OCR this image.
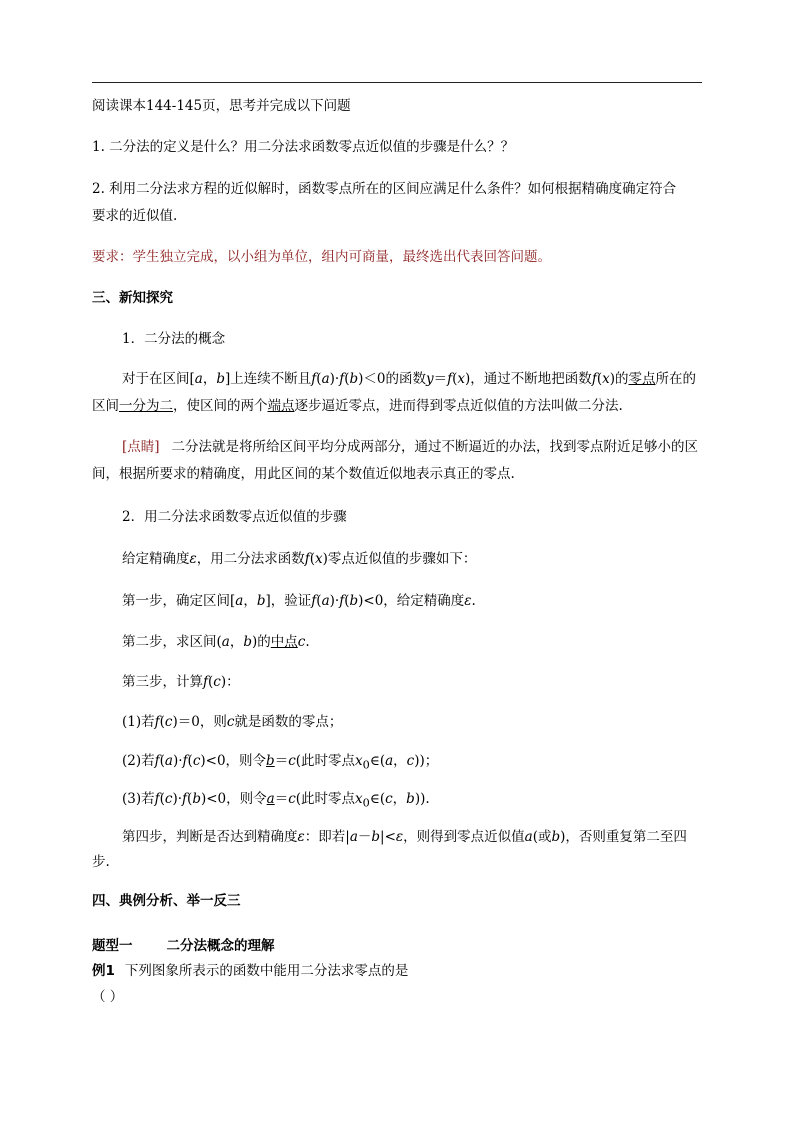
阅读课本144-145页，思考并完成以下问题
1. 二分法的定义是什么？用二分法求函数零点近似值的步骤是什么？？
2. 利用二分法求方程的近似解时，函数零点所在的区间应满足什么条件？如何根据精确度确定符合
要求的近似值.
要求：学生独立完成，以小组为单位，组内可商量，最终选出代表回答问题。
三、新知探究
1．二分法的概念
对于在区间[a，b]上连续不断且f(a)·f(b)＜0的函数y＝f(x)，通过不断地把函数f(x)的零点所在的
区间一分为二，使区间的两个端点逐步逼近零点，进而得到零点近似值的方法叫做二分法.
[点睛] 二分法就是将所给区间平均分成两部分，通过不断逼近的办法，找到零点附近足够小的区
间，根据所要求的精确度，用此区间的某个数值近似地表示真正的零点.
2．用二分法求函数零点近似值的步骤
给定精确度ε，用二分法求函数f(x)零点近似值的步骤如下：
第一步，确定区间[a，b]，验证f(a)·f(b)<0，给定精确度ε.
第二步，求区间(a，b)的中点c.
第三步，计算f(c)：
(1)若f(c)＝0，则c就是函数的零点；
(2)若f(a)·f(c)<0，则令b＝c(此时零点$x_0\in(a$，c))；
(3)若f(c)·f(b)<0，则令a＝c(此时零点$x_0\in(c$，b)).
第四步，判断是否达到精确度ε：即若|a－b|<ε，则得到零点近似值a(或b)，否则重复第二至四
步.
四、典例分析、举一反三
题型一	二分法概念的理解
例1 下列图象所表示的函数中能用二分法求零点的是
（ ）
